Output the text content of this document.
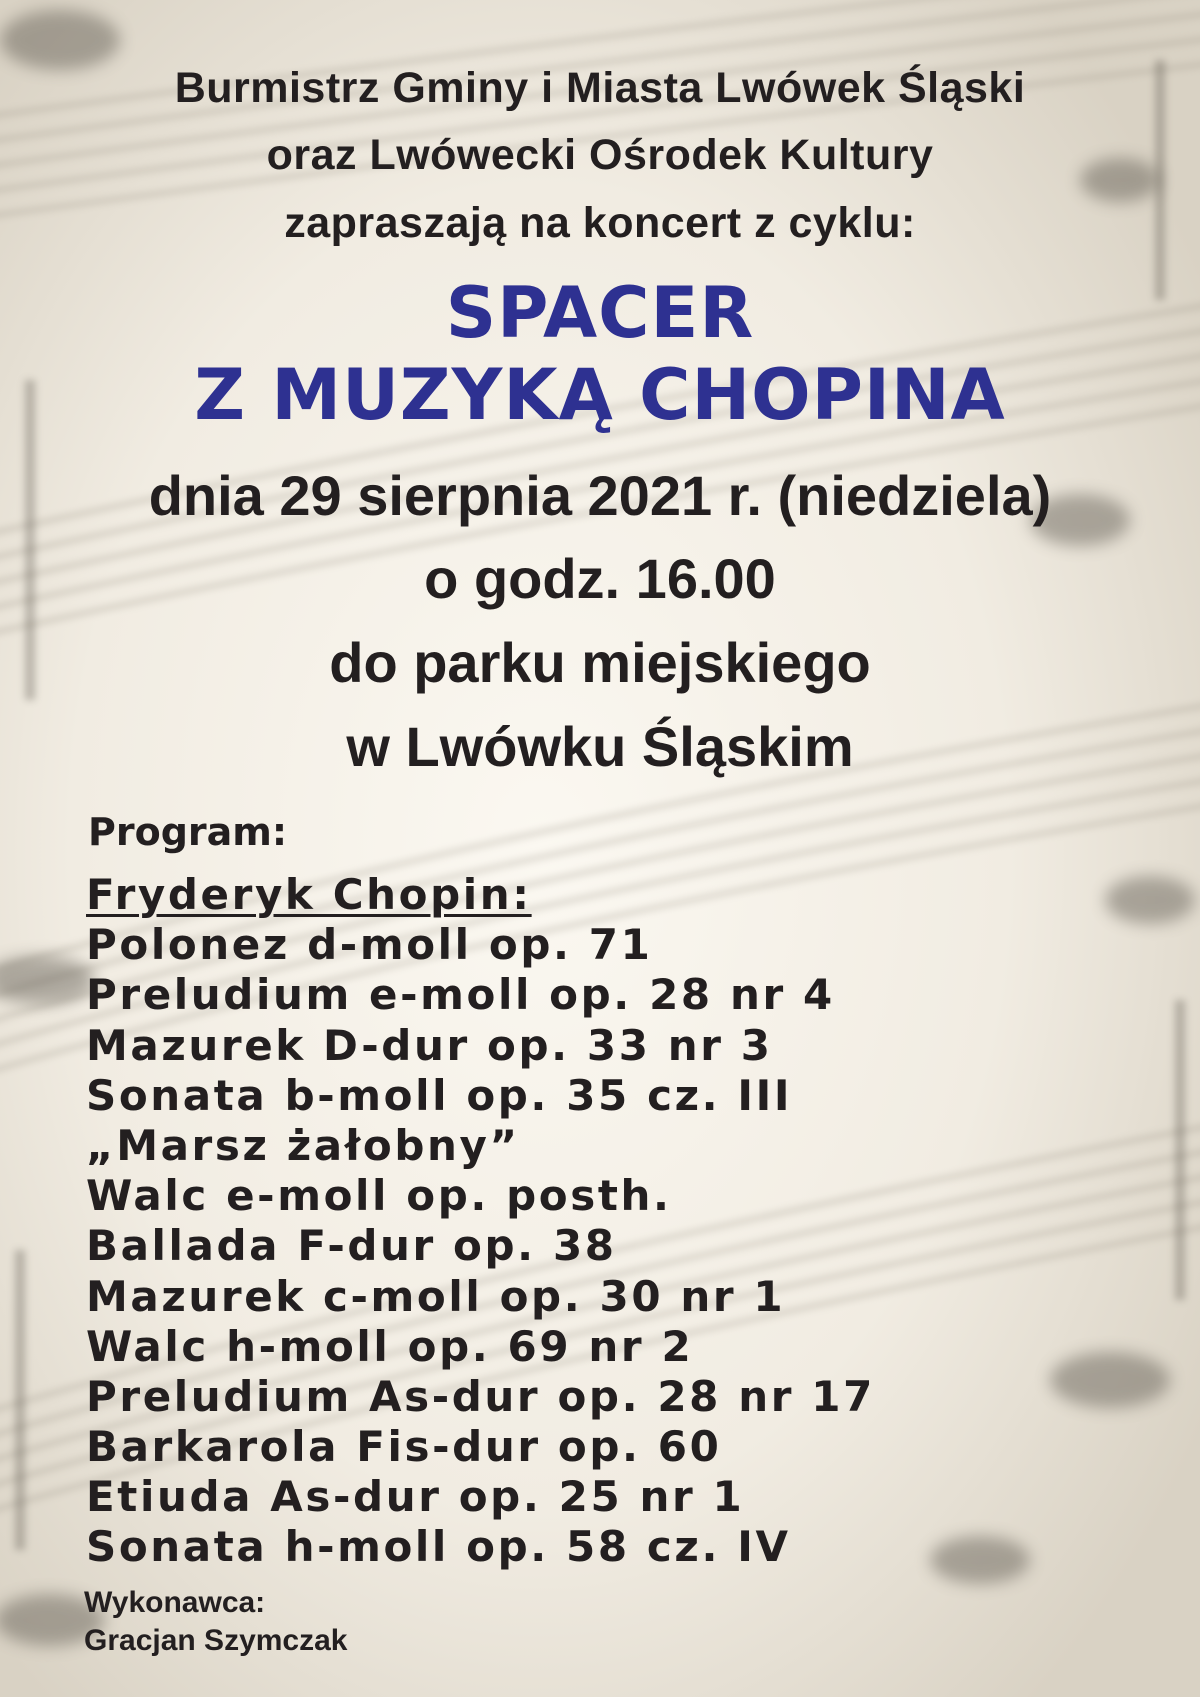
Burmistrz Gminy i Miasta Lwówek Śląski
oraz Lwówecki Ośrodek Kultury
zapraszają na koncert z cyklu:
SPACER
Z MUZYKĄ CHOPINA
dnia 29 sierpnia 2021 r. (niedziela)
o godz. 16.00
do parku miejskiego
w Lwówku Śląskim
Program:
Fryderyk Chopin:
Polonez d-moll op. 71
Preludium e-moll op. 28 nr 4
Mazurek D-dur op. 33 nr 3
Sonata b-moll op. 35 cz. III
„Marsz żałobny”
Walc e-moll op. posth.
Ballada F-dur op. 38
Mazurek c-moll op. 30 nr 1
Walc h-moll op. 69 nr 2
Preludium As-dur op. 28 nr 17
Barkarola Fis-dur op. 60
Etiuda As-dur op. 25 nr 1
Sonata h-moll op. 58 cz. IV
Wykonawca:
Gracjan Szymczak
